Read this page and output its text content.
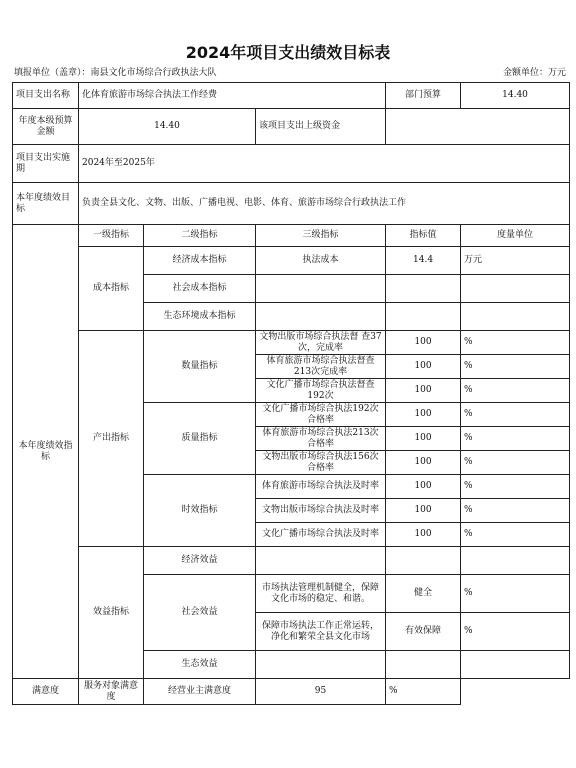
2024年项目支出绩效目标表
填报单位（盖章）：南县文化市场综合行政执法大队	金额单位：万元
项目支出名称	化体育旅游市场综合执法工作经费			部门预算	14.40
年度本级预算金额	14.40		该项目支出上级资金		
项目支出实施期	2024年至2025年				
本年度绩效目标	负责全县文化、文物、出版、广播电视、电影、体育、旅游市场综合行政执法工作				
本年度绩效指标	一级指标	二级指标	三级指标	指标值	度量单位
	成本指标	经济成本指标	执法成本	14.4	万元
		社会成本指标			
		生态环境成本指标			
	产出指标	数量指标	文物出版市场综合执法督 查37次，完成率	100	%
			体育旅游市场综合执法督查213次完成率	100	%
			文化广播市场综合执法督查 192次	100	%
		质量指标	文化广播市场综合执法192次合格率	100	%
			体育旅游市场综合执法213次合格率	100	%
			文物出版市场综合执法156次合格率	100	%
		时效指标	体育旅游市场综合执法及时率	100	%
			文物出版市场综合执法及时率	100	%
			文化广播市场综合执法及时率	100	%
	效益指标	经济效益			
		社会效益	市场执法管理机制健全，保障文化市场的稳定、和谐。	健全	%
			保障市场执法工作正常运转，净化和繁荣全县文化市场	有效保障	%
		生态效益			
满意度	服务对象满意度	经营业主满意度	95	%	
